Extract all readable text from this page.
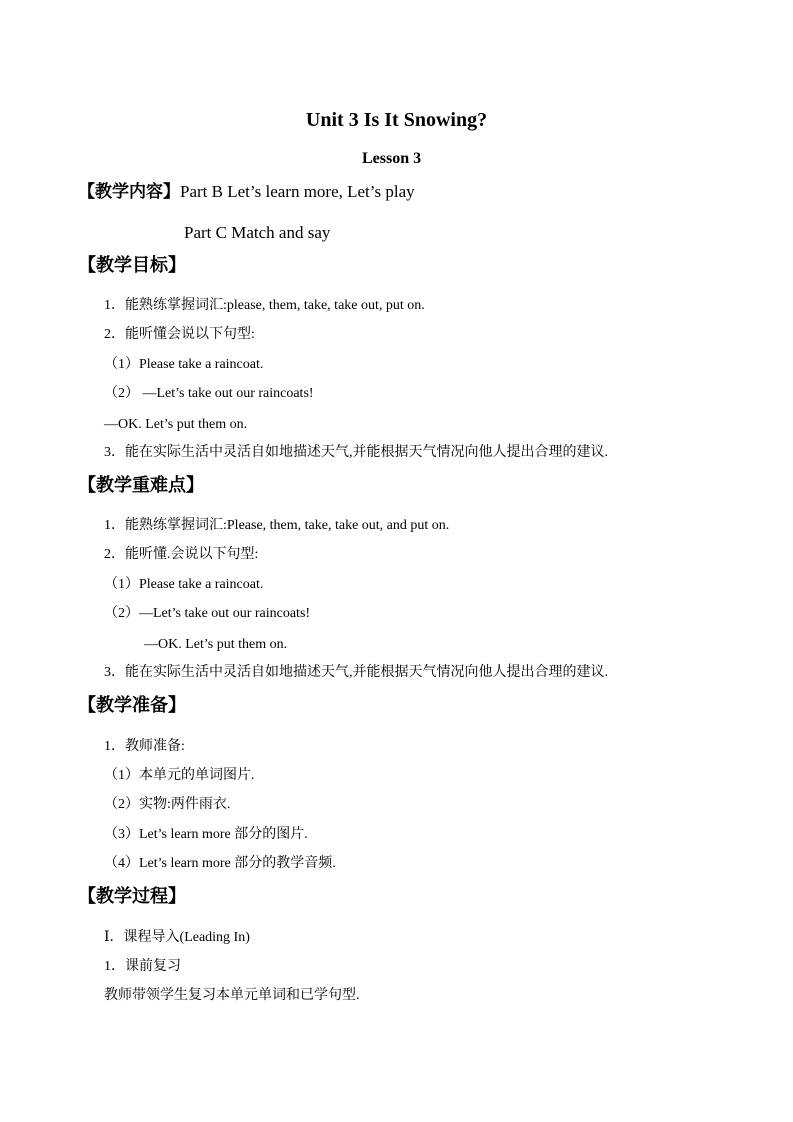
Unit 3 Is It Snowing?
Lesson 3
【教学内容】Part B Let’s learn more, Let’s play
Part C Match and say
【教学目标】
1．能熟练掌握词汇:please, them, take, take out, put on.
2．能听懂会说以下句型:
（1）Please take a raincoat.
（2） —Let’s take out our raincoats!
—OK. Let’s put them on.
3．能在实际生活中灵活自如地描述天气,并能根据天气情况向他人提出合理的建议.
【教学重难点】
1．能熟练掌握词汇:Please, them, take, take out, and put on.
2．能听懂.会说以下句型:
（1）Please take a raincoat.
（2）—Let’s take out our raincoats!
—OK. Let’s put them on.
3．能在实际生活中灵活自如地描述天气,并能根据天气情况向他人提出合理的建议.
【教学准备】
1．教师准备:
（1）本单元的单词图片.
（2）实物:两件雨衣.
（3）Let’s learn more 部分的图片.
（4）Let’s learn more 部分的教学音频.
【教学过程】
Ⅰ．课程导入(Leading In)
1．课前复习
教师带领学生复习本单元单词和已学句型.
